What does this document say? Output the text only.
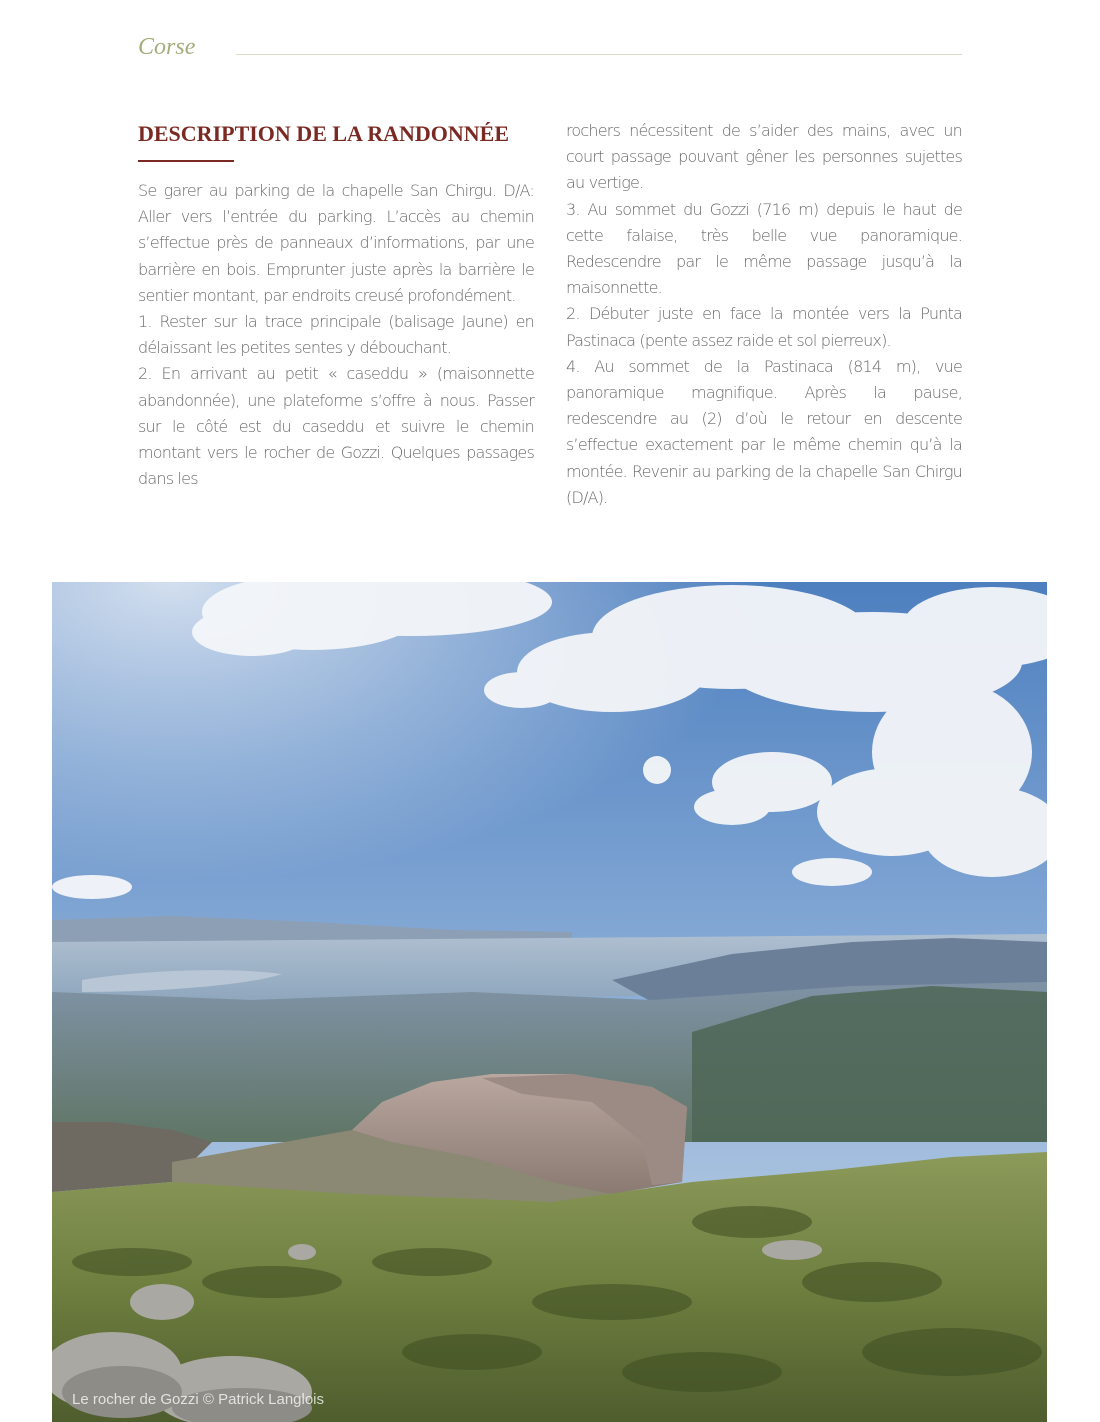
Corse
DESCRIPTION DE LA RANDONNÉE

Se garer au parking de la chapelle San Chirgu. D/A: Aller vers l’entrée du parking. L’accès au chemin s’effectue près de panneaux d’informations, par une barrière en bois. Emprunter juste après la barrière le sentier montant, par endroits creusé profondément.

1. Rester sur la trace principale (balisage Jaune) en délaissant les petites sentes y débouchant.

2. En arrivant au petit « caseddu » (maisonnette abandonnée), une plateforme s’offre à nous. Passer sur le côté est du caseddu et suivre le chemin montant vers le rocher de Gozzi. Quelques passages dans les

rochers nécessitent de s’aider des mains, avec un court passage pouvant gêner les personnes sujettes au vertige.

3. Au sommet du Gozzi (716 m) depuis le haut de cette falaise, très belle vue panoramique. Redescendre par le même passage jusqu’à la maisonnette.

2. Débuter juste en face la montée vers la Punta Pastinaca (pente assez raide et sol pierreux).

4. Au sommet de la Pastinaca (814 m), vue panoramique magnifique. Après la pause, redescendre au (2) d’où le retour en descente s’effectue exactement par le même chemin qu’à la montée. Revenir au parking de la chapelle San Chirgu (D/A).

Le rocher de Gozzi © Patrick Langlois
